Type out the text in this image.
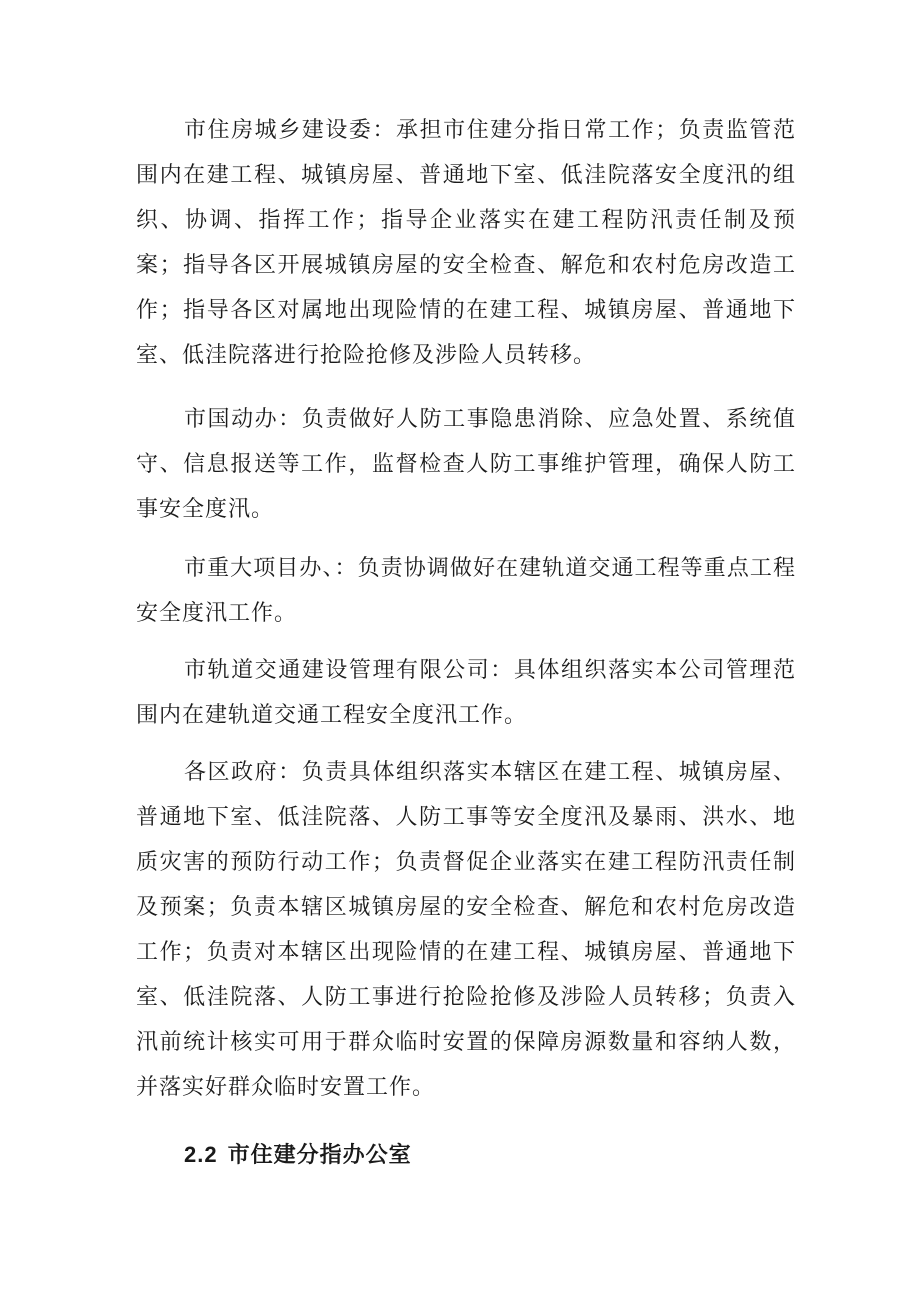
市住房城乡建设委：承担市住建分指日常工作；负责监管范围内在建工程、城镇房屋、普通地下室、低洼院落安全度汛的组织、协调、指挥工作；指导企业落实在建工程防汛责任制及预案；指导各区开展城镇房屋的安全检查、解危和农村危房改造工作；指导各区对属地出现险情的在建工程、城镇房屋、普通地下室、低洼院落进行抢险抢修及涉险人员转移。

市国动办：负责做好人防工事隐患消除、应急处置、系统值守、信息报送等工作，监督检查人防工事维护管理，确保人防工事安全度汛。

市重大项目办、：负责协调做好在建轨道交通工程等重点工程安全度汛工作。

市轨道交通建设管理有限公司：具体组织落实本公司管理范围内在建轨道交通工程安全度汛工作。

各区政府：负责具体组织落实本辖区在建工程、城镇房屋、普通地下室、低洼院落、人防工事等安全度汛及暴雨、洪水、地质灾害的预防行动工作；负责督促企业落实在建工程防汛责任制及预案；负责本辖区城镇房屋的安全检查、解危和农村危房改造工作；负责对本辖区出现险情的在建工程、城镇房屋、普通地下室、低洼院落、人防工事进行抢险抢修及涉险人员转移；负责入汛前统计核实可用于群众临时安置的保障房源数量和容纳人数，并落实好群众临时安置工作。

2.2 市住建分指办公室
